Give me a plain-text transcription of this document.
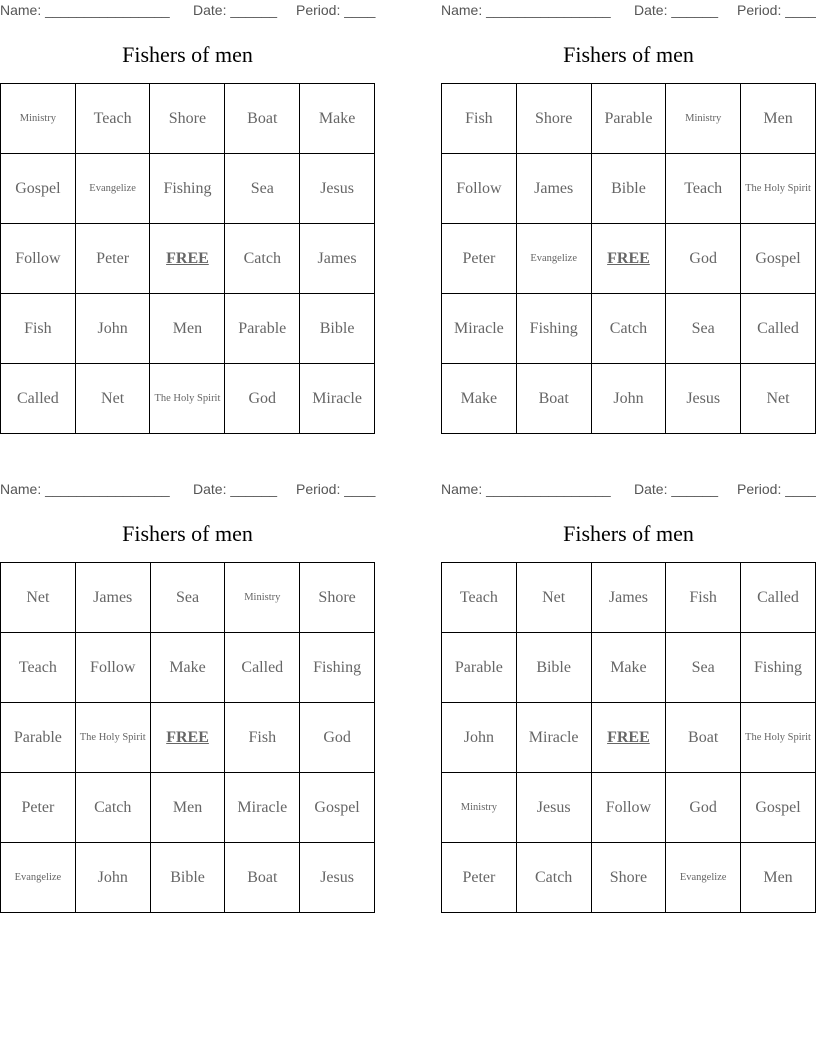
Name: ________________ Date: ______ Period: ____
Fishers of men
Ministry	Teach	Shore	Boat	Make
Gospel	Evangelize	Fishing	Sea	Jesus
Follow	Peter	FREE	Catch	James
Fish	John	Men	Parable	Bible
Called	Net	The Holy Spirit	God	Miracle
Name: ________________ Date: ______ Period: ____
Fishers of men
Fish	Shore	Parable	Ministry	Men
Follow	James	Bible	Teach	The Holy Spirit
Peter	Evangelize	FREE	God	Gospel
Miracle	Fishing	Catch	Sea	Called
Make	Boat	John	Jesus	Net
Name: ________________ Date: ______ Period: ____
Fishers of men
Net	James	Sea	Ministry	Shore
Teach	Follow	Make	Called	Fishing
Parable	The Holy Spirit	FREE	Fish	God
Peter	Catch	Men	Miracle	Gospel
Evangelize	John	Bible	Boat	Jesus
Name: ________________ Date: ______ Period: ____
Fishers of men
Teach	Net	James	Fish	Called
Parable	Bible	Make	Sea	Fishing
John	Miracle	FREE	Boat	The Holy Spirit
Ministry	Jesus	Follow	God	Gospel
Peter	Catch	Shore	Evangelize	Men
